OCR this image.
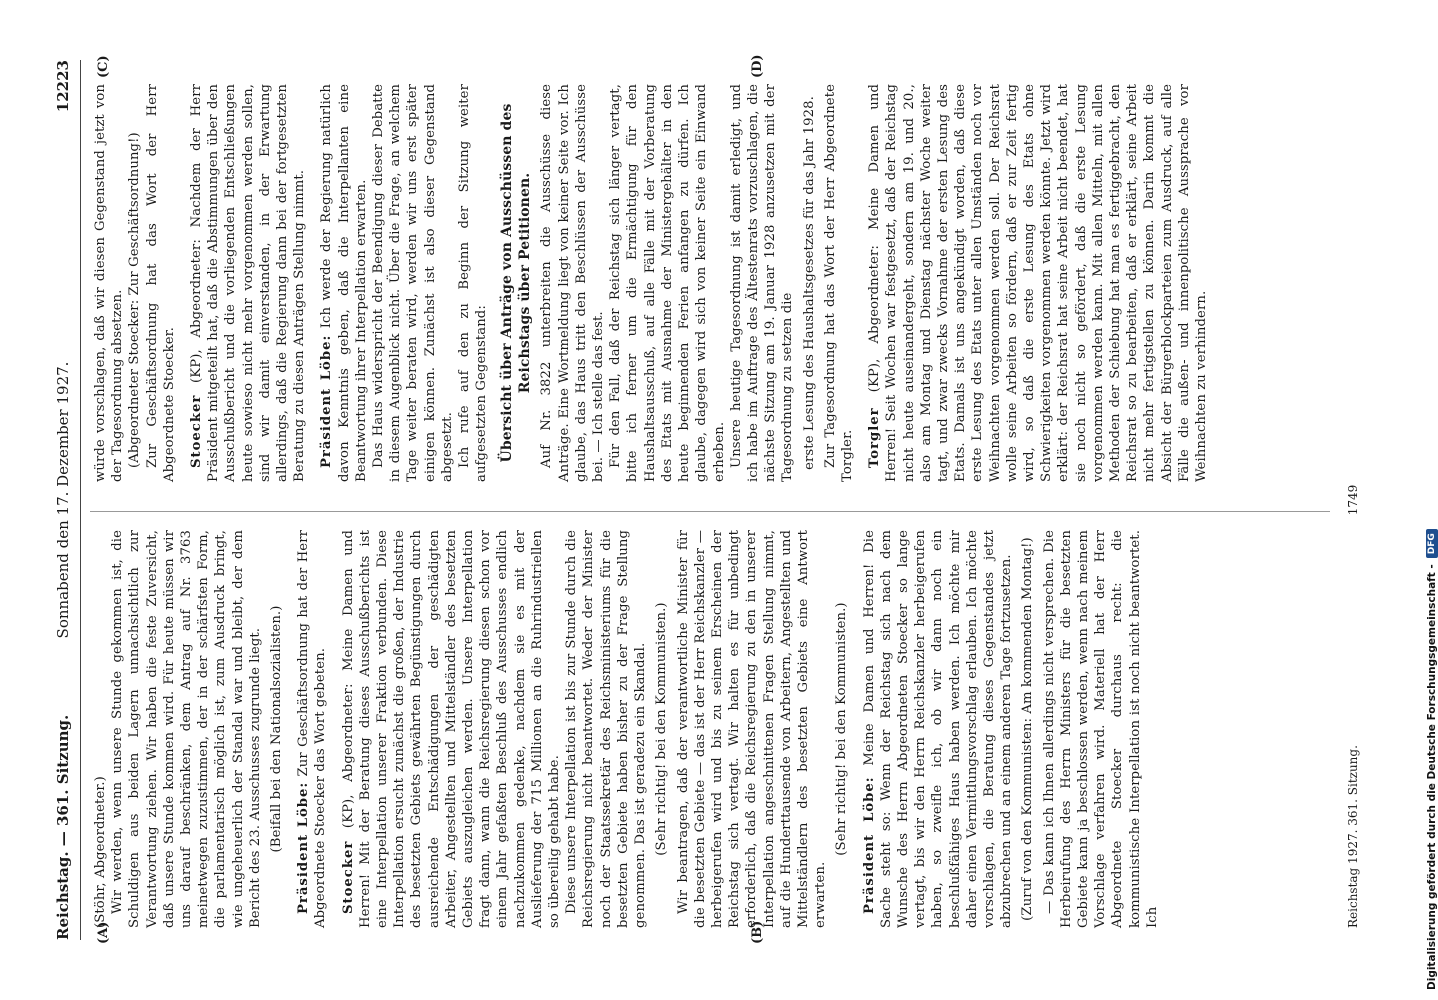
Reichstag. — 361. Sitzung.
Sonnabend den 17. Dezember 1927.
12223
(A)	(B)
(C)	(D)

(Stöhr, Abgeordneter.) Wir werden, wenn unsere Stunde gekommen ist, die Schuldigen aus beiden Lagern unnachsichtlich zur Verantwortung ziehen. Wir haben die feste Zuversicht, daß unsere Stunde kommen wird. Für heute müssen wir uns darauf beschränken, dem Antrag auf Nr. 3763 meinetwegen zuzustimmen, der in der schärfsten Form, die parlamentarisch möglich ist, zum Ausdruck bringt, wie ungeheuerlich der Standal war und bleibt, der dem Bericht des 23. Ausschusses zugrunde liegt. (Beifall bei den Nationalsozialisten.) Präsident Löbe: Zur Geschäftsordnung hat der Herr Abgeordnete Stoecker das Wort gebeten. Stoecker (KP), Abgeordneter: Meine Damen und Herren! Mit der Beratung dieses Ausschußberichts ist eine Interpellation unserer Fraktion verbunden. Diese Interpellation ersucht zunächst die großen, der Industrie des besetzten Gebiets gewährten Begünstigungen durch ausreichende Entschädigungen der geschädigten Arbeiter, Angestellten und Mittelständler des besetzten Gebiets auszugleichen werden. Unsere Interpellation fragt dann, wann die Reichsregierung diesen schon vor einem Jahr gefaßten Beschluß des Ausschusses endlich nachzukommen gedenke, nachdem sie es mit der Auslieferung der 715 Millionen an die Ruhrindustriellen so übereilig gehabt habe. Diese unsere Interpellation ist bis zur Stunde durch die Reichsregierung nicht beantwortet. Weder der Minister noch der Staatssekretär des Reichsministeriums für die besetzten Gebiete haben bisher zu der Frage Stellung genommen. Das ist geradezu ein Skandal. (Sehr richtig! bei den Kommunisten.) Wir beantragen, daß der verantwortliche Minister für die besetzten Gebiete — das ist der Herr Reichskanzler — herbeigerufen wird und bis zu seinem Erscheinen der Reichstag sich vertagt. Wir halten es für unbedingt erforderlich, daß die Reichsregierung zu den in unserer Interpellation angeschnittenen Fragen Stellung nimmt, auf die Hunderttausende von Arbeitern, Angestellten und Mittelständlern des besetzten Gebiets eine Antwort erwarten.

(Sehr richtig! bei den Kommunisten.) Präsident Löbe: Meine Damen und Herren! Die Sache steht so: Wenn der Reichstag sich nach dem Wunsche des Herrn Abgeordneten Stoecker so lange vertagt, bis wir den Herrn Reichskanzler herbeigerufen haben, so zweifle ich, ob wir dann noch ein beschlußfähiges Haus haben werden. Ich möchte mir daher einen Vermittlungsvorschlag erlauben. Ich möchte vorschlagen, die Beratung dieses Gegenstandes jetzt abzubrechen und an einem anderen Tage fortzusetzen. (Zuruf von den Kommunisten: Am kommenden Montag!) — Das kann ich Ihnen allerdings nicht versprechen. Die Herbeirufung des Herrn Ministers für die besetzten Gebiete kann ja beschlossen werden, wenn nach meinem Vorschlage verfahren wird. Materiell hat der Herr Abgeordnete Stoecker durchaus recht: die kommunistische Interpellation ist noch nicht beantwortet. Ich

würde vorschlagen, daß wir diesen Gegenstand jetzt von der Tagesordnung absetzen. (Abgeordneter Stoecker: Zur Geschäftsordnung!) Zur Geschäftsordnung hat das Wort der Herr Abgeordnete Stoecker. Stoecker (KP), Abgeordneter: Nachdem der Herr Präsident mitgeteilt hat, daß die Abstimmungen über den Ausschußbericht und die vorliegenden Entschließungen heute sowieso nicht mehr vorgenommen werden sollen, sind wir damit einverstanden, in der Erwartung allerdings, daß die Regierung dann bei der fortgesetzten Beratung zu diesen Anträgen Stellung nimmt. Präsident Löbe: Ich werde der Regierung natürlich davon Kenntnis geben, daß die Interpellanten eine Beantwortung ihrer Interpellation erwarten. Das Haus widerspricht der Beendigung dieser Debatte in diesem Augenblick nicht. Über die Frage, an welchem Tage weiter beraten wird, werden wir uns erst später einigen können. Zunächst ist also dieser Gegenstand abgesetzt. Ich rufe auf den zu Beginn der Sitzung weiter aufgesetzten Gegenstand: Übersicht über Anträge von Ausschüssen des Reichstags über Petitionen. Auf Nr. 3822 unterbreiten die Ausschüsse diese Anträge. Eine Wortmeldung liegt von keiner Seite vor. Ich glaube, das Haus tritt den Beschlüssen der Ausschüsse bei. — Ich stelle das fest. Für den Fall, daß der Reichstag sich länger vertagt, bitte ich ferner um die Ermächtigung für den Haushaltsausschuß, auf alle Fälle mit der Vorberatung des Etats mit Ausnahme der Ministergehälter in den heute beginnenden Ferien anfangen zu dürfen. Ich glaube, dagegen wird sich von keiner Seite ein Einwand erheben. Unsere heutige Tagesordnung ist damit erledigt, und ich habe im Auftrage des Ältestenrats vorzuschlagen, die nächste Sitzung am 19. Januar 1928 anzusetzen mit der Tagesordnung zu setzen die erste Lesung des Haushaltsgesetzes für das Jahr 1928. Zur Tagesordnung hat das Wort der Herr Abgeordnete Torgler. Torgler (KP), Abgeordneter: Meine Damen und Herren! Seit Wochen war festgesetzt, daß der Reichstag nicht heute auseinandergeht, sondern am 19. und 20., also am Montag und Dienstag nächster Woche weiter tagt, und zwar zwecks Vornahme der ersten Lesung des Etats. Damals ist uns angekündigt worden, daß diese erste Lesung des Etats unter allen Umständen noch vor Weihnachten vorgenommen werden soll. Der Reichsrat wolle seine Arbeiten so fördern, daß er zur Zeit fertig wird, so daß die erste Lesung des Etats ohne Schwierigkeiten vorgenommen werden könnte. Jetzt wird erklärt: der Reichsrat hat seine Arbeit nicht beendet, hat sie noch nicht so gefördert, daß die erste Lesung vorgenommen werden kann. Mit allen Mitteln, mit allen Methoden der Schiebung hat man es fertiggebracht, den Reichsrat so zu bearbeiten, daß er erklärt, seine Arbeit nicht mehr fertigstellen zu können. Darin kommt die Absicht der Bürgerblockparteien zum Ausdruck, auf alle Fälle die außen- und innenpolitische Aussprache vor Weihnachten zu verhindern.

Reichstag 1927. 361. Sitzung.
1749
Digitalisierung gefördert durch die Deutsche Forschungsgemeinschaft -
DFG
